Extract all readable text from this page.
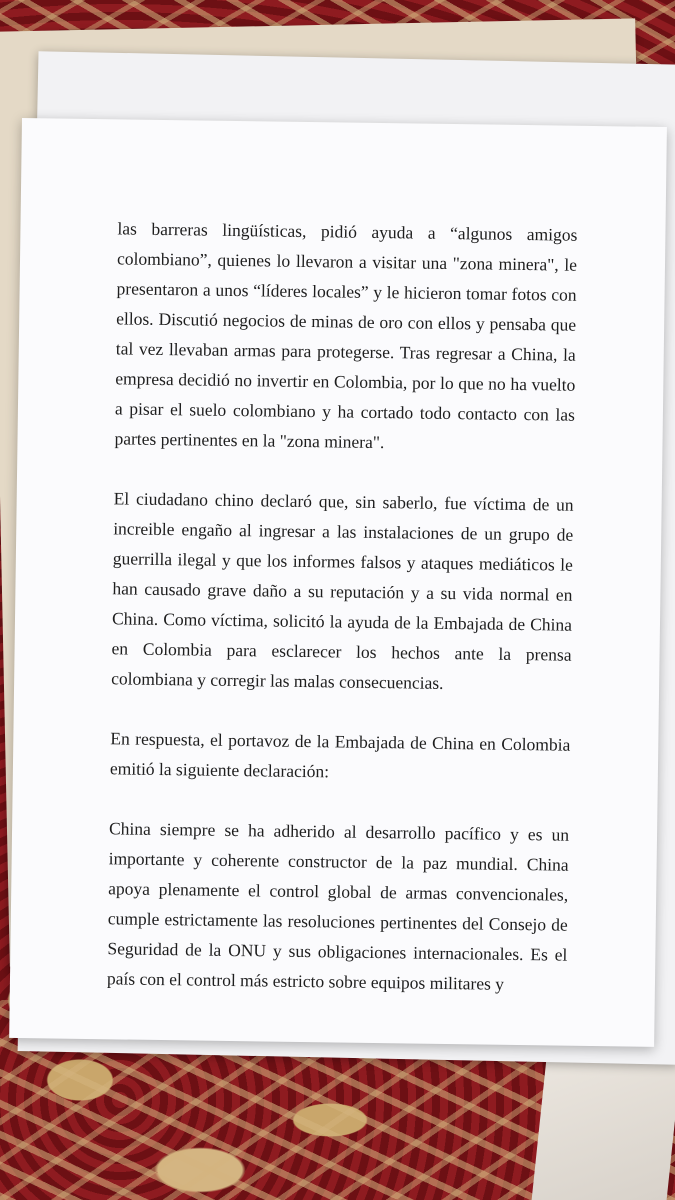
las barreras lingüísticas, pidió ayuda a “algunos amigos colombiano”, quienes lo llevaron a visitar una "zona minera", le presentaron a unos “líderes locales” y le hicieron tomar fotos con ellos. Discutió negocios de minas de oro con ellos y pensaba que tal vez llevaban armas para protegerse. Tras regresar a China, la empresa decidió no invertir en Colombia, por lo que no ha vuelto a pisar el suelo colombiano y ha cortado todo contacto con las partes pertinentes en la "zona minera".

El ciudadano chino declaró que, sin saberlo, fue víctima de un increible engaño al ingresar a las instalaciones de un grupo de guerrilla ilegal y que los informes falsos y ataques mediáticos le han causado grave daño a su reputación y a su vida normal en China. Como víctima, solicitó la ayuda de la Embajada de China en Colombia para esclarecer los hechos ante la prensa colombiana y corregir las malas consecuencias.

En respuesta, el portavoz de la Embajada de China en Colombia emitió la siguiente declaración:

China siempre se ha adherido al desarrollo pacífico y es un importante y coherente constructor de la paz mundial. China apoya plenamente el control global de armas convencionales, cumple estrictamente las resoluciones pertinentes del Consejo de Seguridad de la ONU y sus obligaciones internacionales. Es el país con el control más estricto sobre equipos militares y
